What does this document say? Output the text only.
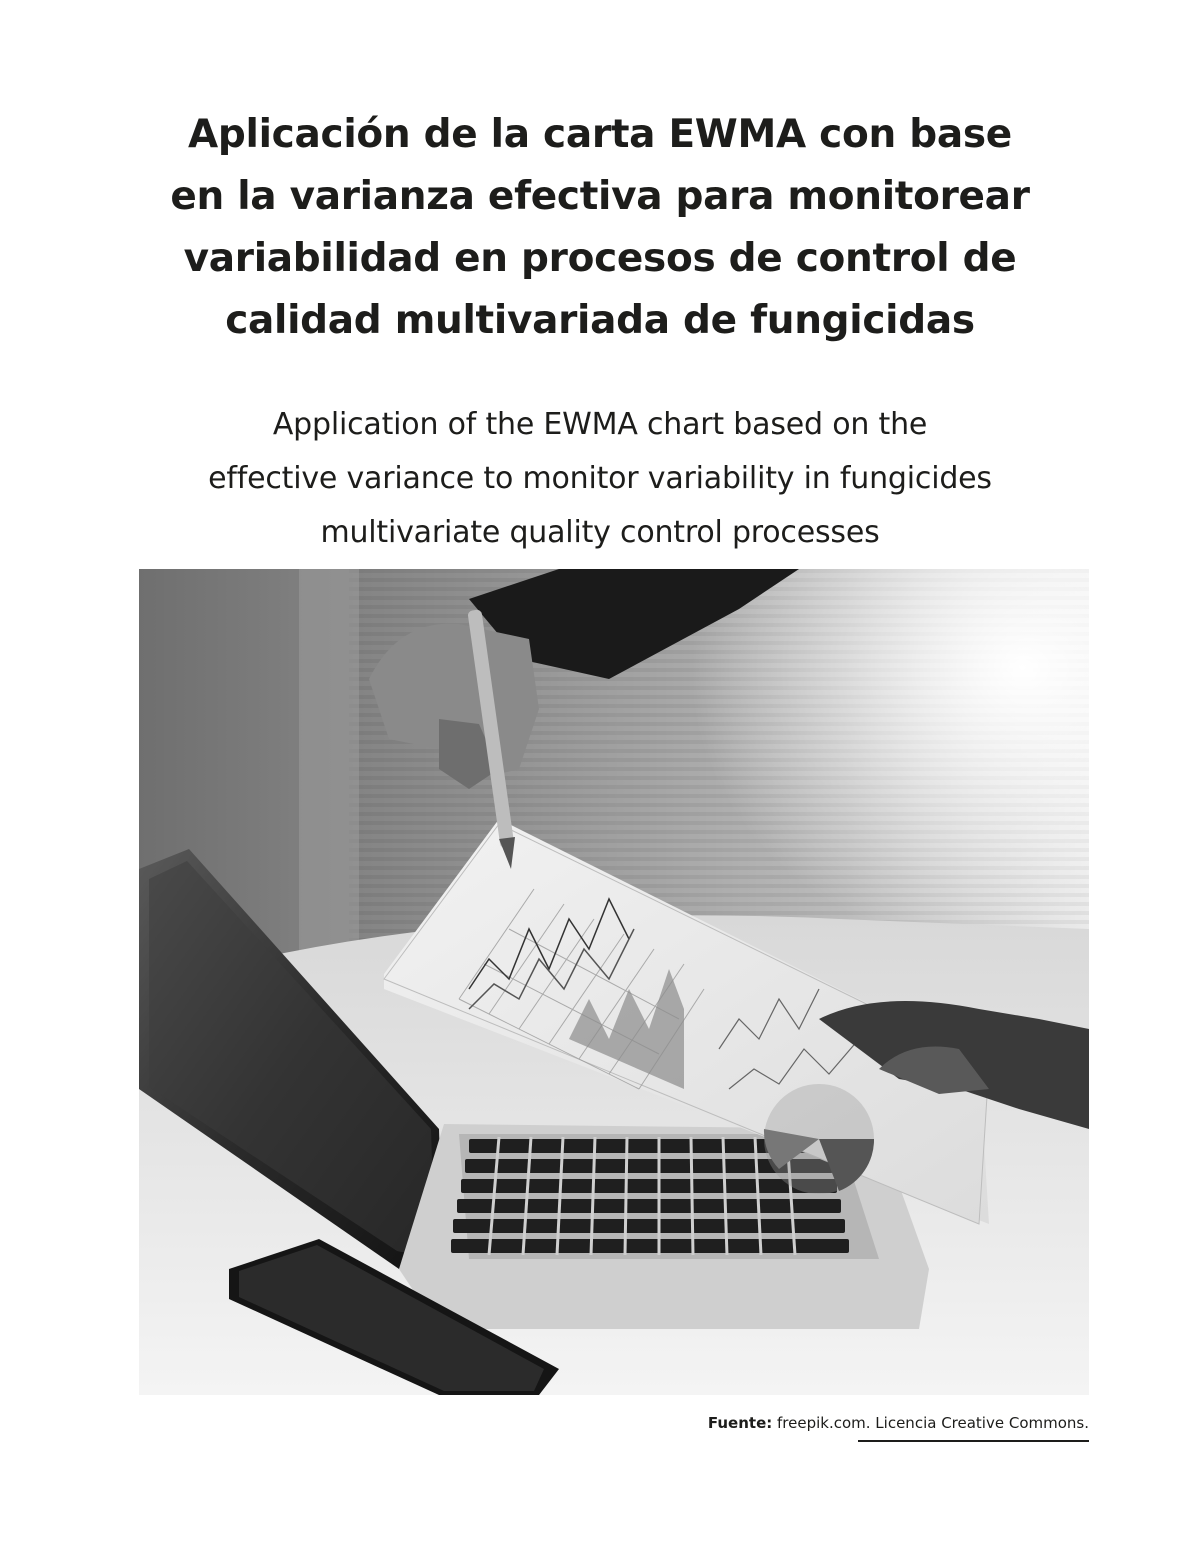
Aplicación de la carta EWMA con base
en la varianza efectiva para monitorear
variabilidad en procesos de control de
calidad multivariada de fungicidas
Application of the EWMA chart based on the
effective variance to monitor variability in fungicides
multivariate quality control processes
Fuente: freepik.com. Licencia Creative Commons.
